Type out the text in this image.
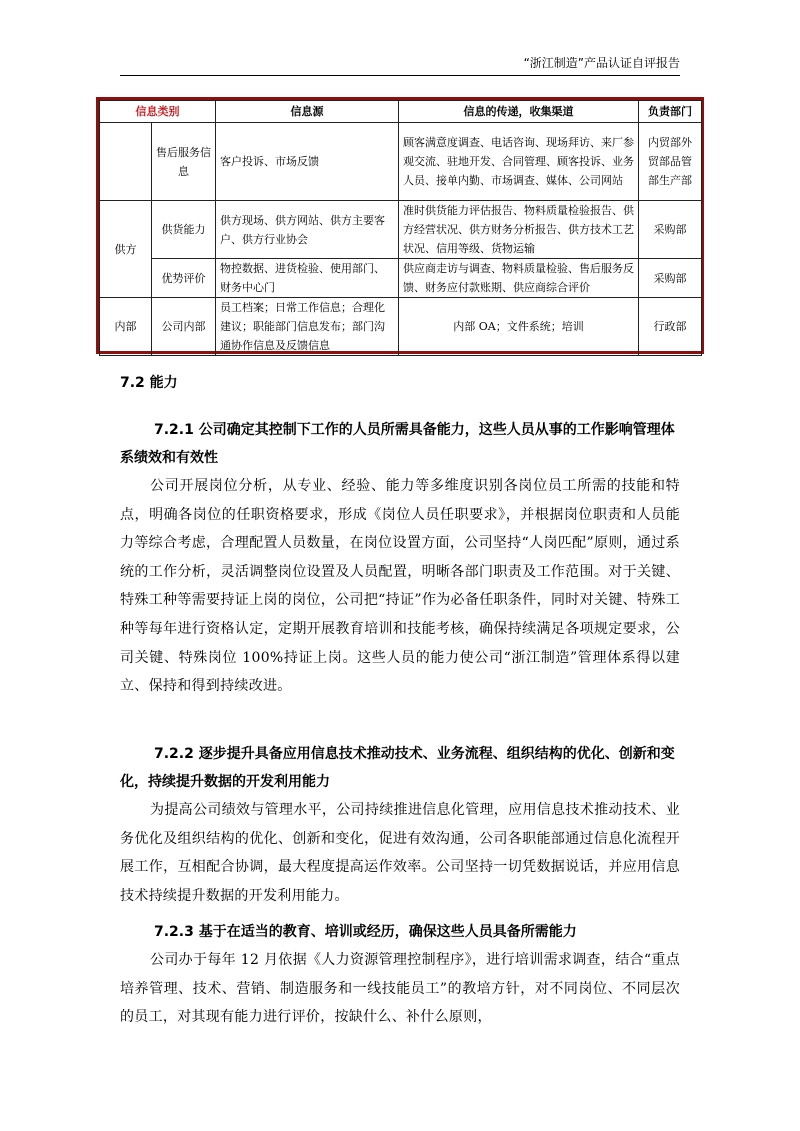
“浙江制造”产品认证自评报告
信息类别		信息源	信息的传递，收集渠道	负责部门
	售后服务信息	客户投诉、市场反馈	顾客满意度调查、电话咨询、现场拜访、来厂参观交流、驻地开发、合同管理、顾客投诉、业务人员、接单内勤、市场调查、媒体、公司网站	内贸部外贸部品管部生产部
供方	供货能力	供方现场、供方网站、供方主要客户、供方行业协会	准时供货能力评估报告、物料质量检验报告、供方经营状况、供方财务分析报告、供方技术工艺状况、信用等级、货物运输	采购部
	优势评价	物控数据、进货检验、使用部门、财务中心门	供应商走访与调查、物料质量检验、售后服务反馈、财务应付款账期、供应商综合评价	采购部
内部	公司内部	员工档案；日常工作信息；合理化建议；职能部门信息发布；部门沟通协作信息及反馈信息	内部 OA；文件系统；培训	行政部
7.2 能力

7.2.1 公司确定其控制下工作的人员所需具备能力，这些人员从事的工作影响管理体系绩效和有效性

公司开展岗位分析，从专业、经验、能力等多维度识别各岗位员工所需的技能和特点，明确各岗位的任职资格要求，形成《岗位人员任职要求》，并根据岗位职责和人员能力等综合考虑，合理配置人员数量，在岗位设置方面，公司坚持“人岗匹配”原则，通过系统的工作分析，灵活调整岗位设置及人员配置，明晰各部门职责及工作范围。对于关键、特殊工种等需要持证上岗的岗位，公司把“持证”作为必备任职条件，同时对关键、特殊工种等每年进行资格认定，定期开展教育培训和技能考核，确保持续满足各项规定要求，公司关键、特殊岗位 100%持证上岗。这些人员的能力使公司“浙江制造”管理体系得以建立、保持和得到持续改进。

7.2.2 逐步提升具备应用信息技术推动技术、业务流程、组织结构的优化、创新和变化，持续提升数据的开发利用能力

为提高公司绩效与管理水平，公司持续推进信息化管理，应用信息技术推动技术、业务优化及组织结构的优化、创新和变化，促进有效沟通，公司各职能部通过信息化流程开展工作，互相配合协调，最大程度提高运作效率。公司坚持一切凭数据说话，并应用信息技术持续提升数据的开发利用能力。

7.2.3 基于在适当的教育、培训或经历，确保这些人员具备所需能力

公司办于每年 12 月依据《人力资源管理控制程序》，进行培训需求调查，结合“重点培养管理、技术、营销、制造服务和一线技能员工”的教培方针，对不同岗位、不同层次的员工，对其现有能力进行评价，按缺什么、补什么原则，
